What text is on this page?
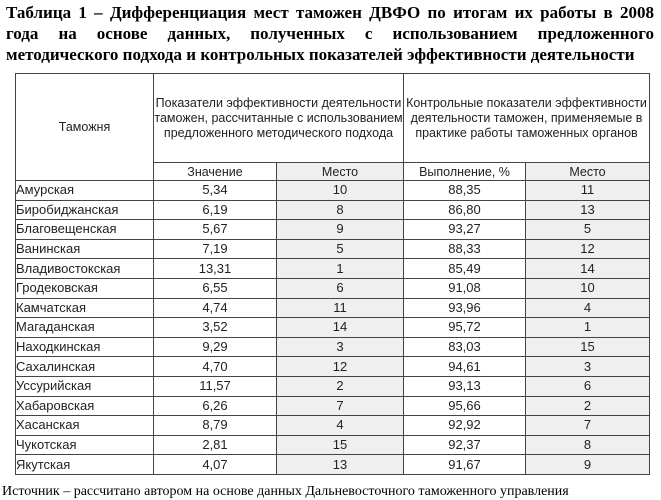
Таблица 1 – Дифференциация мест таможен ДВФО по итогам их работы в 2008 года на основе данных, полученных с использованием предложенного методического подхода и контрольных показателей эффективности деятельности

Таможня	Показатели эффективности деятельности таможен, рассчитанные с использованием предложенного методического подхода		Контрольные показатели эффективности деятельности таможен, применяемые в практике работы таможенных органов	
	Значение	Место	Выполнение, %	Место
Амурская	5,34	10	88,35	11
Биробиджанская	6,19	8	86,80	13
Благовещенская	5,67	9	93,27	5
Ванинская	7,19	5	88,33	12
Владивостокская	13,31	1	85,49	14
Гродековская	6,55	6	91,08	10
Камчатская	4,74	11	93,96	4
Магаданская	3,52	14	95,72	1
Находкинская	9,29	3	83,03	15
Сахалинская	4,70	12	94,61	3
Уссурийская	11,57	2	93,13	6
Хабаровская	6,26	7	95,66	2
Хасанская	8,79	4	92,92	7
Чукотская	2,81	15	92,37	8
Якутская	4,07	13	91,67	9
Источник – рассчитано автором на основе данных Дальневосточного таможенного управления
